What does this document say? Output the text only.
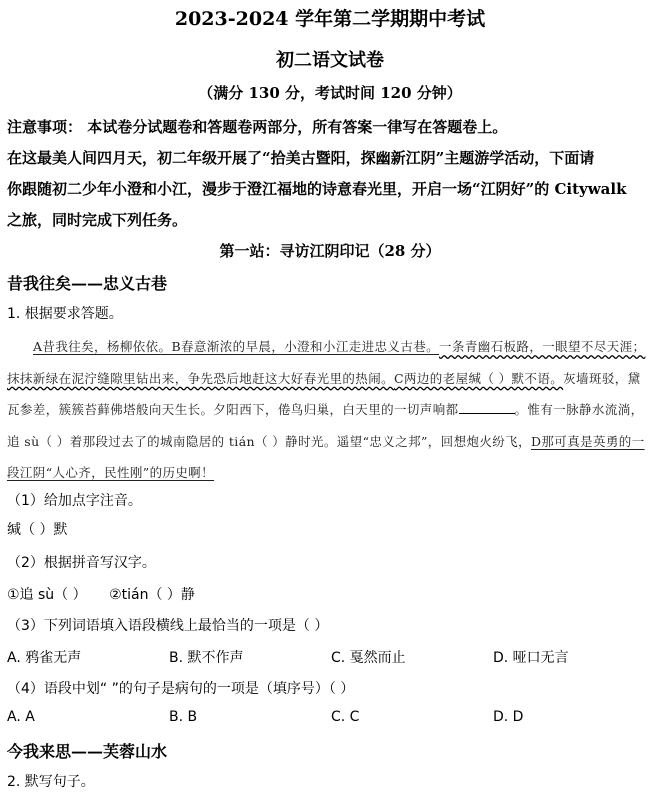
2023-2024 学年第二学期期中考试
初二语文试卷
（满分 130 分，考试时间 120 分钟）
注意事项： 本试卷分试题卷和答题卷两部分，所有答案一律写在答题卷上。
在这最美人间四月天，初二年级开展了“拾美古暨阳，探幽新江阴”主题游学活动，下面请
你跟随初二少年小澄和小江，漫步于澄江福地的诗意春光里，开启一场“江阴好”的 Citywalk
之旅，同时完成下列任务。
第一站：寻访江阴印记（28 分）
昔我往矣——忠义古巷
1. 根据要求答题。
A昔我往矣，杨柳依依。B春意渐浓的早晨，小澄和小江走进忠义古巷。一条青幽石板路，一眼望不尽天涯；抹抹新绿在泥泞缝隙里钻出来，争先恐后地赶这大好春光里的热闹。C两边的老屋缄（ ）默不语。灰墙斑驳，黛瓦参差，簇簇苔藓佛塔般向天生长。夕阳西下，倦鸟归巢，白天里的一切声响都	。惟有一脉静水流淌，追 sù（ ）着那段过去了的城南隐居的 tián（ ）静时光。遥望“忠义之邦”，回想炮火纷飞，D那可真是英勇的一段江阴“人心齐，民性刚”的历史啊！
（1）给加点字注音。
缄（ ）默
（2）根据拼音写汉字。
①追 sù（ ） ②tián（ ）静
（3）下列词语填入语段横线上最恰当的一项是（ ）
A. 鸦雀无声	B. 默不作声	C. 戛然而止	D. 哑口无言
（4）语段中划“ ”的句子是病句的一项是（填序号）（ ）
A. A	B. B	C. C	D. D
今我来思——芙蓉山水
2. 默写句子。
